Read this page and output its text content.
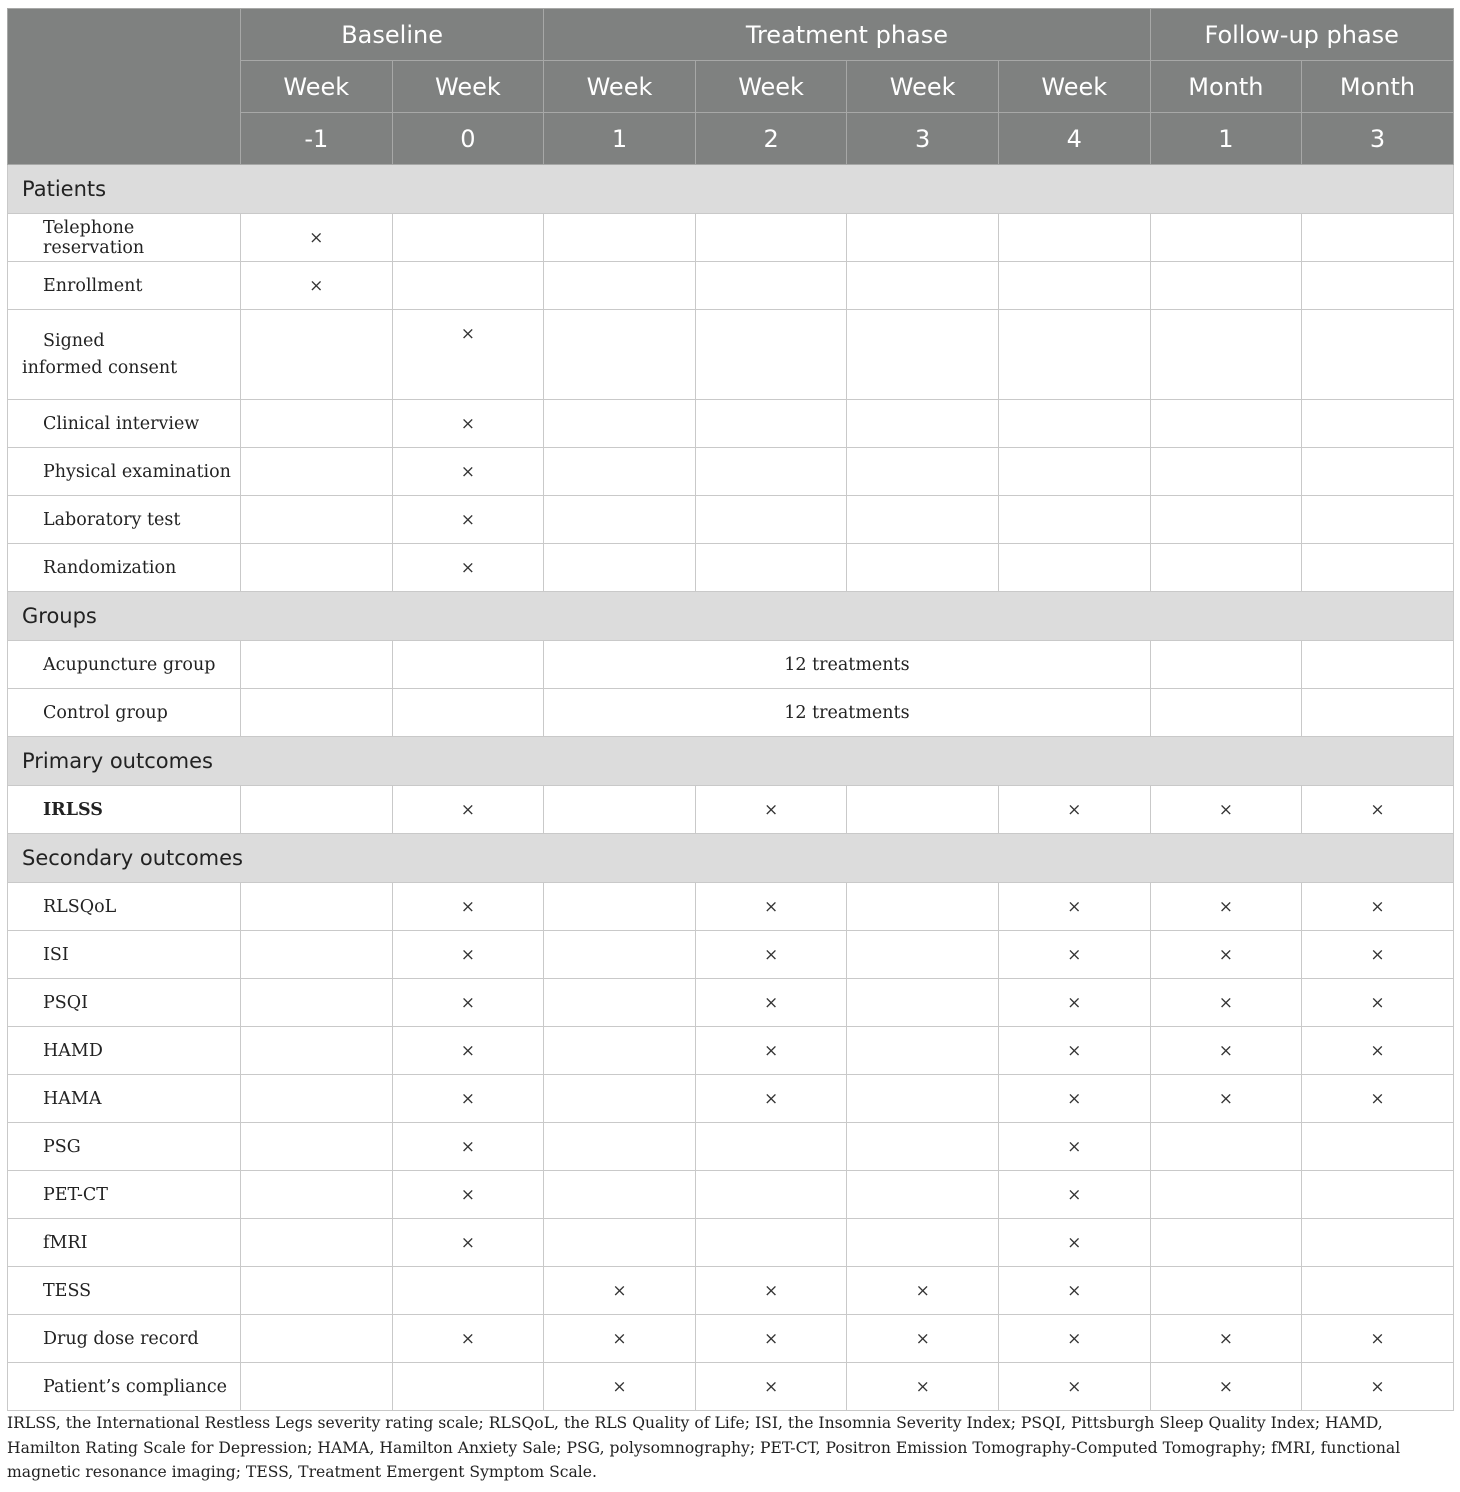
	Baseline		Treatment phase				Follow-up phase	
	Week	Week	Week	Week	Week	Week	Month	Month
	-1	0	1	2	3	4	1	3
Patients								
Telephone reservation	×							
Enrollment	×							

Signed
informed consent		×						
Clinical interview		×						
Physical examination		×						
Laboratory test		×						
Randomization		×						
Groups								
Acupuncture group			12 treatments					
Control group			12 treatments					
Primary outcomes								
IRLSS		×		×		×	×	×
Secondary outcomes								
RLSQoL		×		×		×	×	×
ISI		×		×		×	×	×
PSQI		×		×		×	×	×
HAMD		×		×		×	×	×
HAMA		×		×		×	×	×
PSG		×				×		
PET-CT		×				×		
fMRI		×				×		
TESS			×	×	×	×		
Drug dose record		×	×	×	×	×	×	×
Patient’s compliance			×	×	×	×	×	×

IRLSS, the International Restless Legs severity rating scale; RLSQoL, the RLS Quality of Life; ISI, the Insomnia Severity Index; PSQI, Pittsburgh Sleep Quality Index; HAMD, Hamilton Rating Scale for Depression; HAMA, Hamilton Anxiety Sale; PSG, polysomnography; PET-CT, Positron Emission Tomography-Computed Tomography; fMRI, functional magnetic resonance imaging; TESS, Treatment Emergent Symptom Scale.
